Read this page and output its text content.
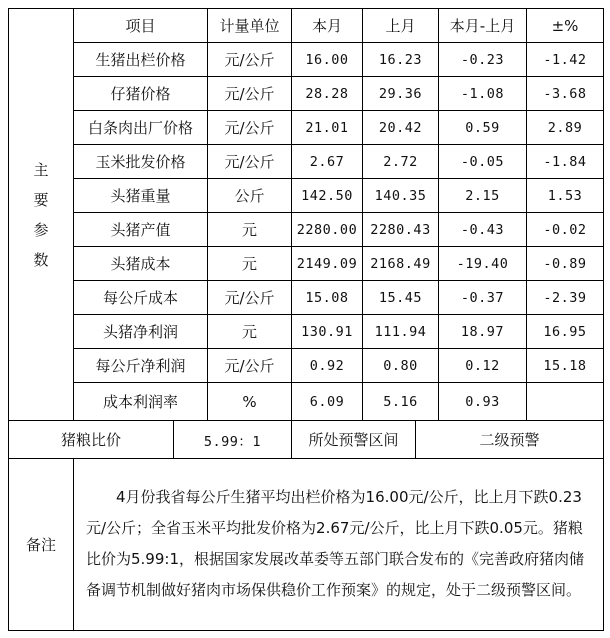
主
要
参
数	项目	计量单位	本月	上月	本月-上月	±%
	生猪出栏价格	元/公斤	16.00	16.23	-0.23	-1.42
	仔猪价格	元/公斤	28.28	29.36	-1.08	-3.68
	白条肉出厂价格	元/公斤	21.01	20.42	0.59	2.89
	玉米批发价格	元/公斤	2.67	2.72	-0.05	-1.84
	头猪重量	公斤	142.50	140.35	2.15	1.53
	头猪产值	元	2280.00	2280.43	-0.43	-0.02
	头猪成本	元	2149.09	2168.49	-19.40	-0.89
	每公斤成本	元/公斤	15.08	15.45	-0.37	-2.39
	头猪净利润	元	130.91	111.94	18.97	16.95
	每公斤净利润	元/公斤	0.92	0.80	0.12	15.18
	成本利润率	%	6.09	5.16	0.93	
猪粮比价	5.99：1	所处预警区间	二级预警
备注	4月份我省每公斤生猪平均出栏价格为16.00元/公斤，比上月下跌0.23元/公斤；全省玉米平均批发价格为2.67元/公斤，比上月下跌0.05元。猪粮比价为5.99:1，根据国家发展改革委等五部门联合发布的《完善政府猪肉储备调节机制做好猪肉市场保供稳价工作预案》的规定，处于二级预警区间。
